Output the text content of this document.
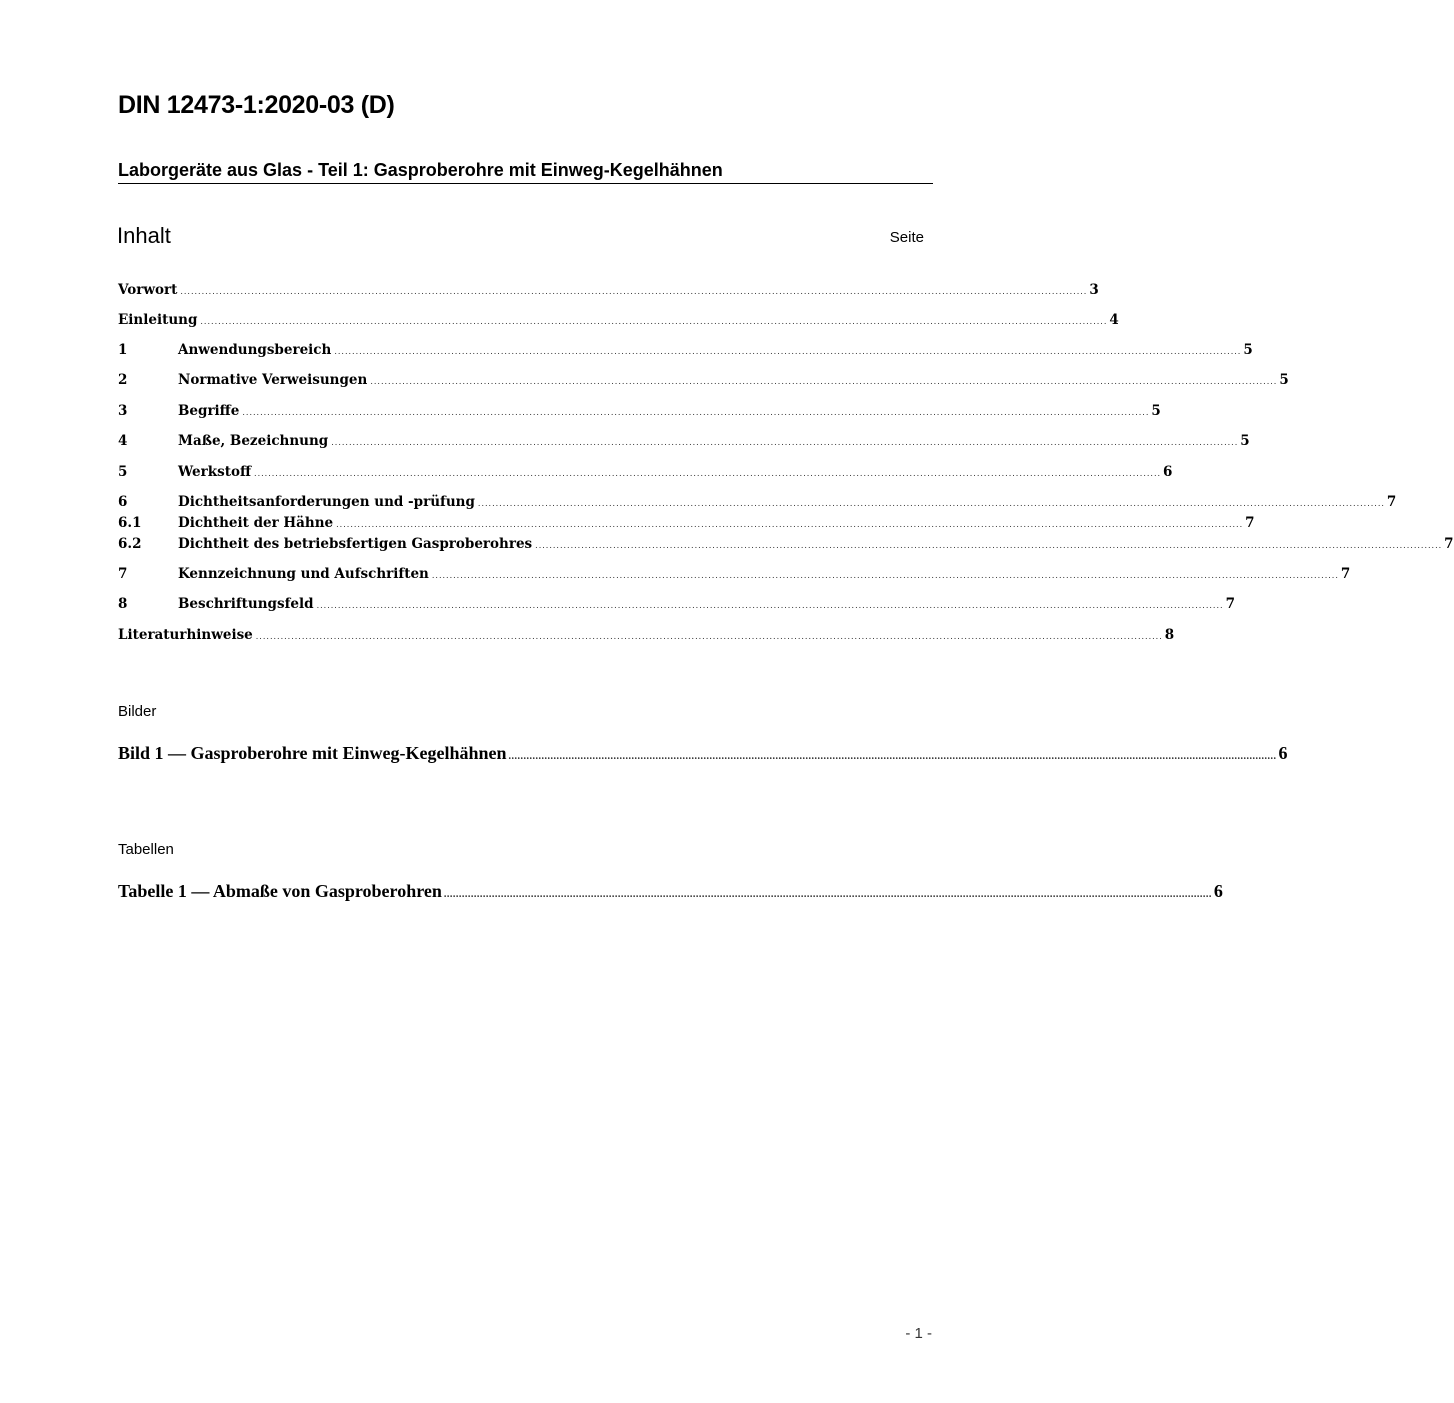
DIN 12473-1:2020-03 (D)
Laborgeräte aus Glas - Teil 1: Gasproberohre mit Einweg-Kegelhähnen
Inhalt	Seite
Vorwort ................................................................................................................................................................................................................................................................ 3
Einleitung ................................................................................................................................................................................................................................................................ 4
1	Anwendungsbereich ................................................................................................................................................................................................................................................................ 5
2	Normative Verweisungen ................................................................................................................................................................................................................................................................ 5
3	Begriffe ................................................................................................................................................................................................................................................................ 5
4	Maße, Bezeichnung ................................................................................................................................................................................................................................................................ 5
5	Werkstoff ................................................................................................................................................................................................................................................................ 6
6	Dichtheitsanforderungen und -prüfung ................................................................................................................................................................................................................................................................ 7
6.1	Dichtheit der Hähne ................................................................................................................................................................................................................................................................ 7
6.2	Dichtheit des betriebsfertigen Gasproberohres ................................................................................................................................................................................................................................................................ 7
7	Kennzeichnung und Aufschriften ................................................................................................................................................................................................................................................................ 7
8	Beschriftungsfeld ................................................................................................................................................................................................................................................................ 7
Literaturhinweise ................................................................................................................................................................................................................................................................ 8
Bilder
Bild 1 — Gasproberohre mit Einweg-Kegelhähnen ................................................................................................................................................................................................................................................................ 6
Tabellen
Tabelle 1 — Abmaße von Gasproberohren ................................................................................................................................................................................................................................................................ 6
- 1 -
